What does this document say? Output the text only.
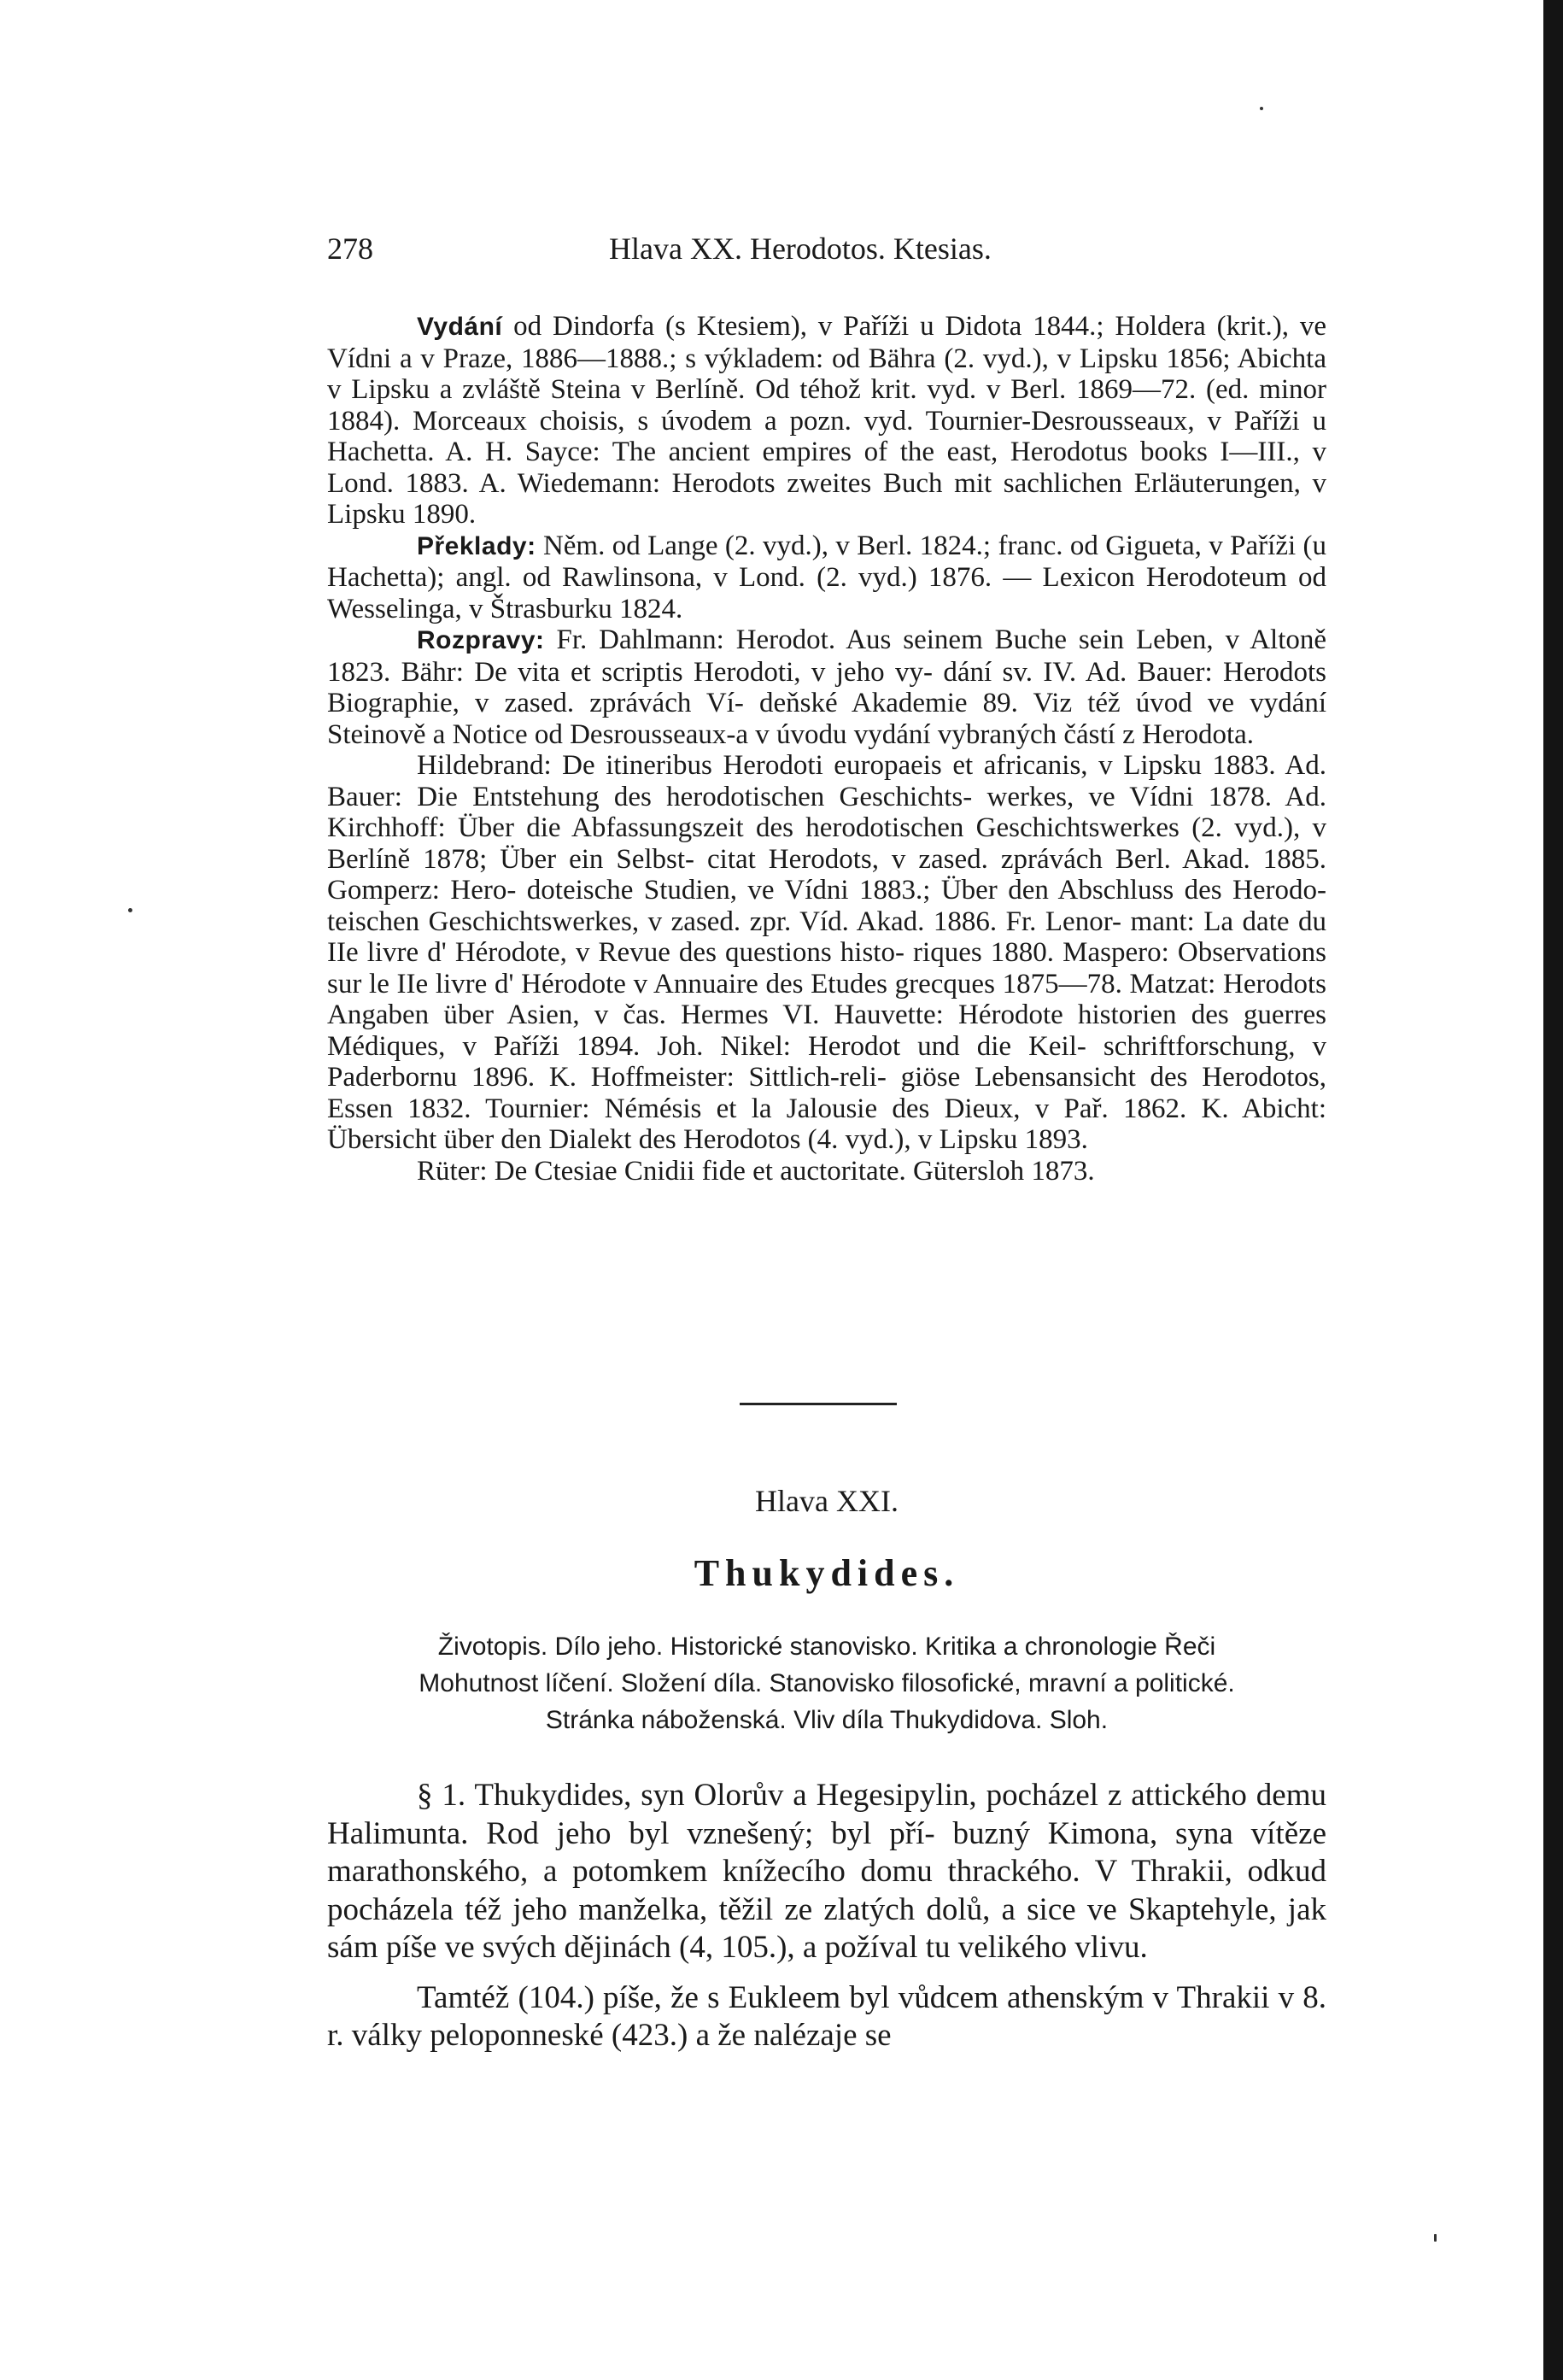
278	Hlava XX. Herodotos. Ktesias.

Vydání od Dindorfa (s Ktesiem), v Paříži u Didota 1844.; Holdera (krit.), ve Vídni a v Praze, 1886—1888.; s výkladem: od Bähra (2. vyd.), v Lipsku 1856; Abichta v Lipsku a zvláště Steina v Berlíně. Od téhož krit. vyd. v Berl. 1869—72. (ed. minor 1884). Morceaux choisis, s úvodem a pozn. vyd. Tournier-Desrousseaux, v Paříži u Hachetta. A. H. Sayce: The ancient empires of the east, Herodotus books I—III., v Lond. 1883. A. Wiedemann: Herodots zweites Buch mit sachlichen Erläuterungen, v Lipsku 1890.

Překlady: Něm. od Lange (2. vyd.), v Berl. 1824.; franc. od Gigueta, v Paříži (u Hachetta); angl. od Rawlinsona, v Lond. (2. vyd.) 1876. — Lexicon Herodoteum od Wesselinga, v Štrasburku 1824.

Rozpravy: Fr. Dahlmann: Herodot. Aus seinem Buche sein Leben, v Altoně 1823. Bähr: De vita et scriptis Herodoti, v jeho vy- dání sv. IV. Ad. Bauer: Herodots Biographie, v zased. zprávách Ví- deňské Akademie 89. Viz též úvod ve vydání Steinově a Notice od Desrousseaux-a v úvodu vydání vybraných částí z Herodota.

Hildebrand: De itineribus Herodoti europaeis et africanis, v Lipsku 1883. Ad. Bauer: Die Entstehung des herodotischen Geschichts- werkes, ve Vídni 1878. Ad. Kirchhoff: Über die Abfassungszeit des herodotischen Geschichtswerkes (2. vyd.), v Berlíně 1878; Über ein Selbst- citat Herodots, v zased. zprávách Berl. Akad. 1885. Gomperz: Hero- doteische Studien, ve Vídni 1883.; Über den Abschluss des Herodo- teischen Geschichtswerkes, v zased. zpr. Víd. Akad. 1886. Fr. Lenor- mant: La date du IIe livre d' Hérodote, v Revue des questions histo- riques 1880. Maspero: Observations sur le IIe livre d' Hérodote v Annuaire des Etudes grecques 1875—78. Matzat: Herodots Angaben über Asien, v čas. Hermes VI. Hauvette: Hérodote historien des guerres Médiques, v Paříži 1894. Joh. Nikel: Herodot und die Keil- schriftforschung, v Paderbornu 1896. K. Hoffmeister: Sittlich-reli- giöse Lebensansicht des Herodotos, Essen 1832. Tournier: Némésis et la Jalousie des Dieux, v Pař. 1862. K. Abicht: Übersicht über den Dialekt des Herodotos (4. vyd.), v Lipsku 1893.

Rüter: De Ctesiae Cnidii fide et auctoritate. Gütersloh 1873.

Hlava XXI.
Thukydides.
Životopis. Dílo jeho. Historické stanovisko. Kritika a chronologie Řeči
Mohutnost líčení. Složení díla. Stanovisko filosofické, mravní a politické.
Stránka náboženská. Vliv díla Thukydidova. Sloh.

§ 1. Thukydides, syn Olorův a Hegesipylin, pocházel z attického demu Halimunta. Rod jeho byl vznešený; byl pří- buzný Kimona, syna vítěze marathonského, a potomkem knížecího domu thrackého. V Thrakii, odkud pocházela též jeho manželka, těžil ze zlatých dolů, a sice ve Skaptehyle, jak sám píše ve svých dějinách (4, 105.), a požíval tu velikého vlivu.

Tamtéž (104.) píše, že s Eukleem byl vůdcem athenským v Thrakii v 8. r. války peloponneské (423.) a že nalézaje se
